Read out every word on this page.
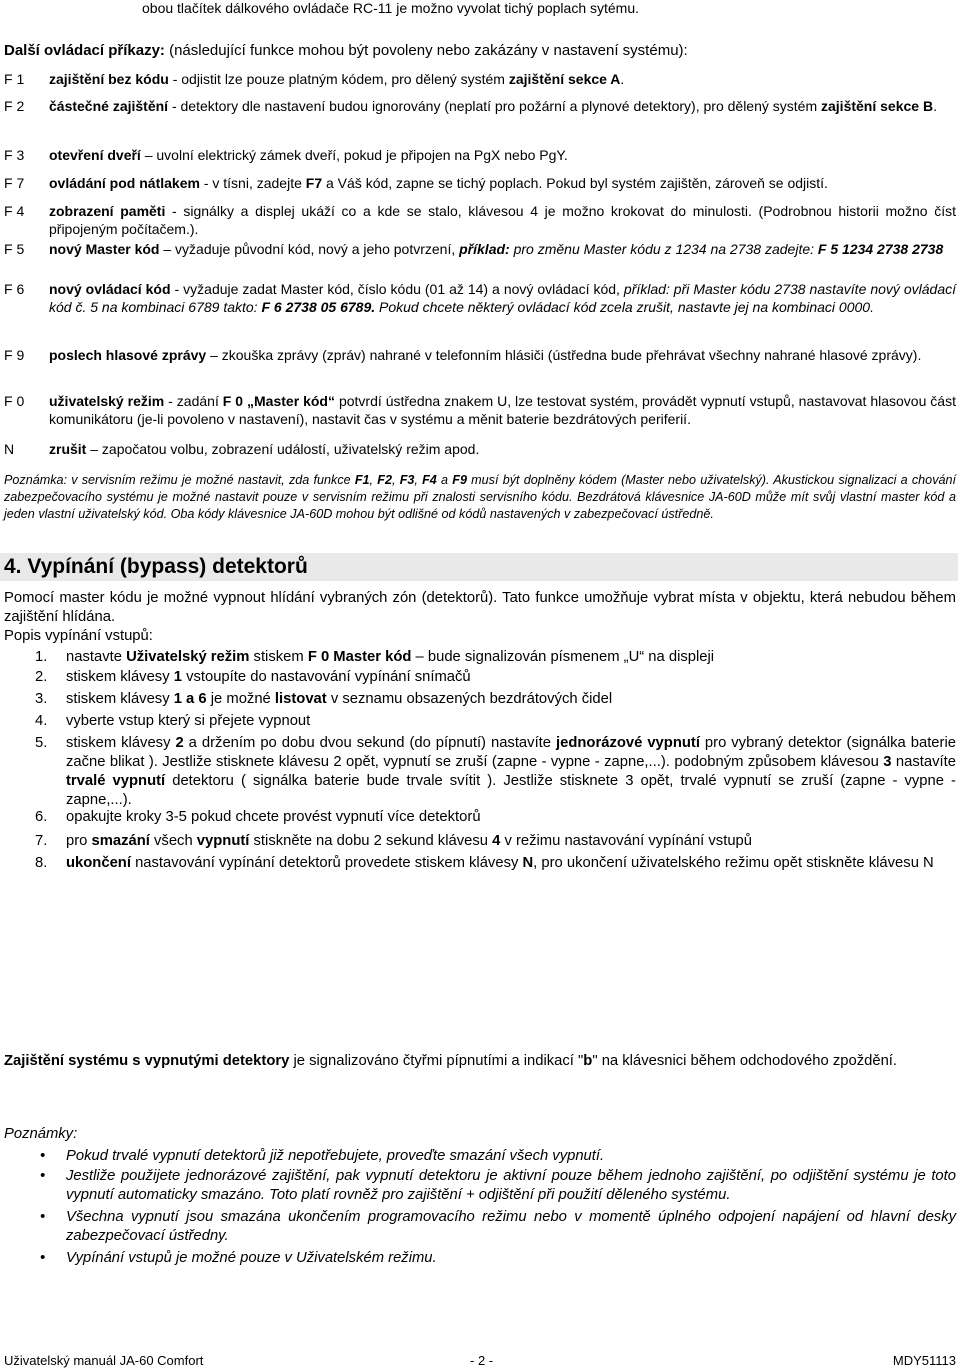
obou tlačítek dálkového ovládače RC-11 je možno vyvolat tichý poplach sytému.
Další ovládací příkazy: (následující funkce mohou být povoleny nebo zakázány v nastavení systému):
F 1	zajištění bez kódu - odjistit lze pouze platným kódem, pro dělený systém zajištění sekce A.
F 2	částečné zajištění - detektory dle nastavení budou ignorovány (neplatí pro požární a plynové detektory), pro dělený systém zajištění sekce B.
F 3	otevření dveří – uvolní elektrický zámek dveří, pokud je připojen na PgX nebo PgY.
F 7	ovládání pod nátlakem - v tísni, zadejte F7 a Váš kód, zapne se tichý poplach. Pokud byl systém zajištěn, zároveň se odjistí.
F 4	zobrazení paměti - signálky a displej ukáží co a kde se stalo, klávesou 4 je možno krokovat do minulosti. (Podrobnou historii možno číst připojeným počítačem.).
F 5	nový Master kód – vyžaduje původní kód, nový a jeho potvrzení, příklad: pro změnu Master kódu z 1234 na 2738 zadejte: F 5 1234 2738 2738
F 6	nový ovládací kód - vyžaduje zadat Master kód, číslo kódu (01 až 14) a nový ovládací kód, příklad: při Master kódu 2738 nastavíte nový ovládací kód č. 5 na kombinaci 6789 takto: F 6 2738 05 6789. Pokud chcete některý ovládací kód zcela zrušit, nastavte jej na kombinaci 0000.
F 9	poslech hlasové zprávy – zkouška zprávy (zpráv) nahrané v telefonním hlásiči (ústředna bude přehrávat všechny nahrané hlasové zprávy).
F 0	uživatelský režim - zadání F 0 „Master kód“ potvrdí ústředna znakem U, lze testovat systém, provádět vypnutí vstupů, nastavovat hlasovou část komunikátoru (je-li povoleno v nastavení), nastavit čas v systému a měnit baterie bezdrátových periferií.
N	zrušit – započatou volbu, zobrazení událostí, uživatelský režim apod.
Poznámka: v servisním režimu je možné nastavit, zda funkce F1, F2, F3, F4 a F9 musí být doplněny kódem (Master nebo uživatelský). Akustickou signalizaci a chování zabezpečovacího systému je možné nastavit pouze v servisním režimu při znalosti servisního kódu. Bezdrátová klávesnice JA-60D může mít svůj vlastní master kód a jeden vlastní uživatelský kód. Oba kódy klávesnice JA-60D mohou být odlišné od kódů nastavených v zabezpečovací ústředně.
4. Vypínání (bypass) detektorů
Pomocí master kódu je možné vypnout hlídání vybraných zón (detektorů). Tato funkce umožňuje vybrat místa v objektu, která nebudou během zajištění hlídána.
Popis vypínání vstupů:
1.	nastavte Uživatelský režim stiskem F 0 Master kód – bude signalizován písmenem „U“ na displeji
2.	stiskem klávesy 1 vstoupíte do nastavování vypínání snímačů
3.	stiskem klávesy 1 a 6 je možné listovat v seznamu obsazených bezdrátových čidel
4.	vyberte vstup který si přejete vypnout
5.	stiskem klávesy 2 a držením po dobu dvou sekund (do pípnutí) nastavíte jednorázové vypnutí pro vybraný detektor (signálka baterie začne blikat ). Jestliže stisknete klávesu 2 opět, vypnutí se zruší (zapne - vypne - zapne,...). podobným způsobem klávesou 3 nastavíte trvalé vypnutí detektoru ( signálka baterie bude trvale svítit ). Jestliže stisknete 3 opět, trvalé vypnutí se zruší (zapne - vypne - zapne,...).
6.	opakujte kroky 3-5 pokud chcete provést vypnutí více detektorů
7.	pro smazání všech vypnutí stiskněte na dobu 2 sekund klávesu 4 v režimu nastavování vypínání vstupů
8.	ukončení nastavování vypínání detektorů provedete stiskem klávesy N, pro ukončení uživatelského režimu opět stiskněte klávesu N
Zajištění systému s vypnutými detektory je signalizováno čtyřmi pípnutími a indikací "b" na klávesnici během odchodového zpoždění.
Poznámky:
• Pokud trvalé vypnutí detektorů již nepotřebujete, proveďte smazání všech vypnutí.
• Jestliže použijete jednorázové zajištění, pak vypnutí detektoru je aktivní pouze během jednoho zajištění, po odjištění systému je toto vypnutí automaticky smazáno. Toto platí rovněž pro zajištění + odjištění při použití děleného systému.
• Všechna vypnutí jsou smazána ukončením programovacího režimu nebo v momentě úplného odpojení napájení od hlavní desky zabezpečovací ústředny.
• Vypínání vstupů je možné pouze v Uživatelském režimu.
Uživatelský manuál JA-60 Comfort	- 2 -	MDY51113
